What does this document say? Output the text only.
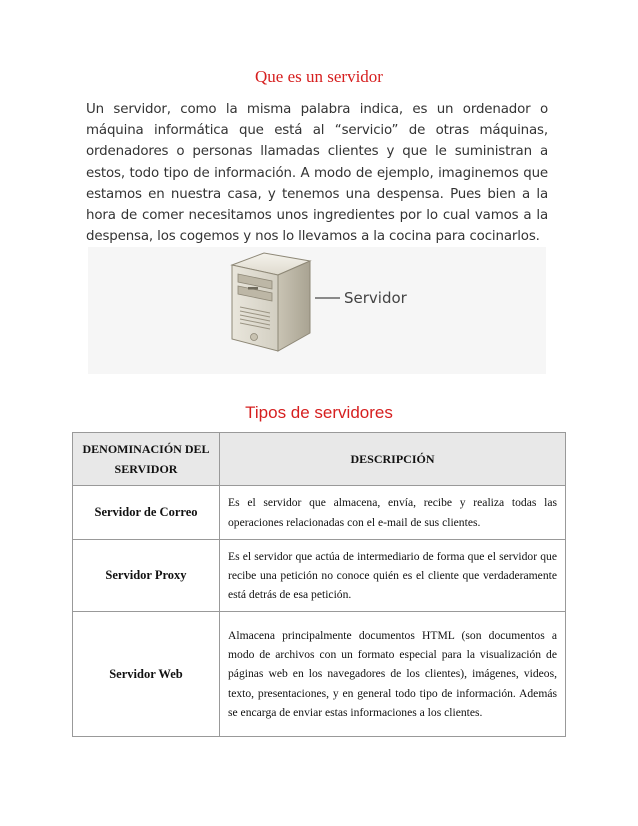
Que es un servidor
Un servidor, como la misma palabra indica, es un ordenador o máquina informática que está al “servicio” de otras máquinas, ordenadores o personas llamadas clientes y que le suministran a estos, todo tipo de información. A modo de ejemplo, imaginemos que estamos en nuestra casa, y tenemos una despensa. Pues bien a la hora de comer necesitamos unos ingredientes por lo cual vamos a la despensa, los cogemos y nos lo llevamos a la cocina para cocinarlos.
Servidor
Tipos de servidores
DENOMINACIÓN DEL SERVIDOR	DESCRIPCIÓN
Servidor de Correo	Es el servidor que almacena, envía, recibe y realiza todas las operaciones relacionadas con el e-mail de sus clientes.
Servidor Proxy	Es el servidor que actúa de intermediario de forma que el servidor que recibe una petición no conoce quién es el cliente que verdaderamente está detrás de esa petición.
Servidor Web	Almacena principalmente documentos HTML (son documentos a modo de archivos con un formato especial para la visualización de páginas web en los navegadores de los clientes), imágenes, videos, texto, presentaciones, y en general todo tipo de información. Además se encarga de enviar estas informaciones a los clientes.
